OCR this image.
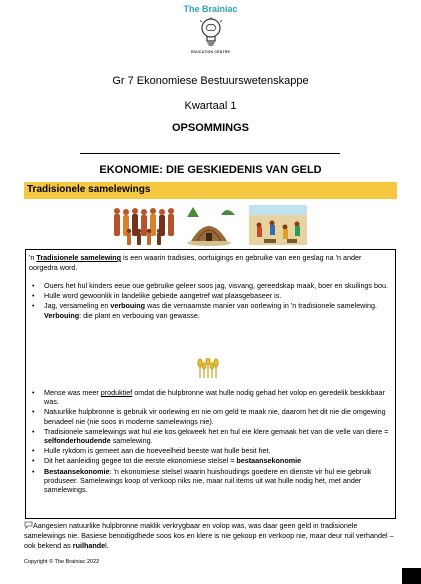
The Brainiac
EDUCATION CENTRE
Gr 7 Ekonomiese Bestuurswetenskappe
Kwartaal 1
OPSOMMINGS
EKONOMIE: DIE GESKIEDENIS VAN GELD
Tradisionele samelewings

'n Tradisionele samelewing is een waarin tradisies, oortuigings en gebruike van een geslag na 'n ander oorgedra word.

• Ouers het hul kinders eeue oue gebruike geleer soos jag, visvang, gereedskap maak, boer en skuilings bou.
• Hulle word gewoonlik in landelike gebiede aangetref wat plaasgebaseer is.
• Jag, versameling en verbouing was die vernaamste manier van oorlewing in 'n tradisionele samelewing.
Verbouing: die plant en verbouing van gewasse.
• Mense was meer produktief omdat die hulpbronne wat hulle nodig gehad het volop en geredelik beskikbaar was.
• Natuurlike hulpbronne is gebruik vir oorlewing en nie om geld te maak nie, daarom het dit nie die omgewing benadeel nie (nie soos in moderne samelewings nie).
• Tradisionele samelewings wat hul eie kos gekweek het en hul eie klere gemaak het van die velle van diere = selfonderhoudende samelewing.
• Hulle rykdom is gemeet aan die hoeveelheid beeste wat hulle besit het.
• Dit het aanleiding gegee tot die eerste ekonomiese stelsel = bestaansekonomie
• Bestaansekonomie: 'n ekonomiese stelsel waarin huishoudings goedere en dienste vir hul eie gebruik produseer. Samelewings koop of verkoop niks nie, maar ruil items uit wat hulle nodig het, met ander samelewings.
Aangesien natuurlike hulpbronne maklik verkrygbaar en volop was, was daar geen geld in tradisionele samelewings nie. Basiese benodigdhede soos kos en klere is nie gekoop en verkoop nie, maar deur ruil verhandel – ook bekend as ruilhandel.
Copyright © The Brainiac 2022
